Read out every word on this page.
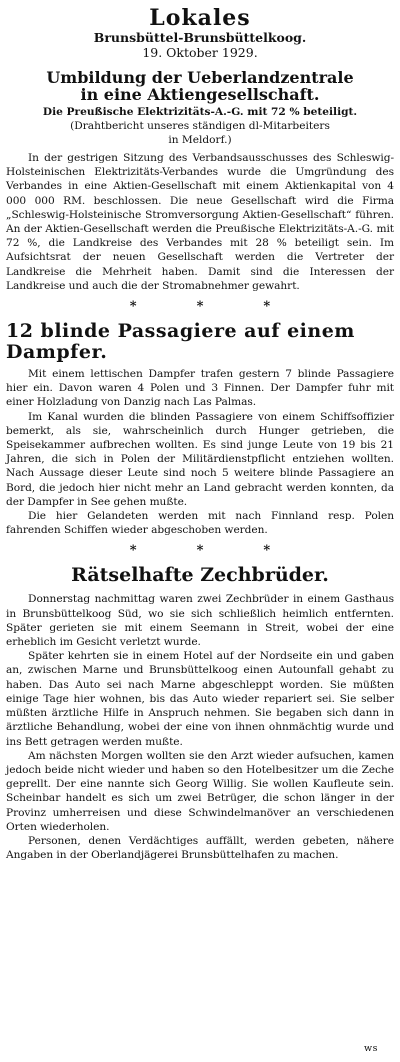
Lokales
Brunsbüttel-Brunsbüttelkoog.
19. Oktober 1929.
Umbildung der Ueberlandzentrale
in eine Aktiengesellschaft.
Die Preußische Elektrizitäts-A.-G. mit 72 % beteiligt.
(Drahtbericht unseres ständigen dl-Mitarbeiters
in Meldorf.)

In der gestrigen Sitzung des Verbandsausschusses des Schleswig-Holsteinischen Elektrizitäts-Verbandes wurde die Umgründung des Verbandes in eine Aktien-Gesellschaft mit einem Aktienkapital von 4 000 000 RM. beschlossen. Die neue Gesellschaft wird die Firma „Schleswig-Holsteinische Stromversorgung Aktien-Gesellschaft“ führen. An der Aktien-Gesellschaft werden die Preußische Elektrizitäts-A.-G. mit 72 %, die Landkreise des Verbandes mit 28 % beteiligt sein. Im Aufsichtsrat der neuen Gesellschaft werden die Vertreter der Landkreise die Mehrheit haben. Damit sind die Interessen der Landkreise und auch die der Stromabnehmer gewahrt.

*	*	*
12 blinde Passagiere auf einem Dampfer.

Mit einem lettischen Dampfer trafen gestern 7 blinde Passagiere hier ein. Davon waren 4 Polen und 3 Finnen. Der Dampfer fuhr mit einer Holzladung von Danzig nach Las Palmas.

Im Kanal wurden die blinden Passagiere von einem Schiffsoffizier bemerkt, als sie, wahrscheinlich durch Hunger getrieben, die Speisekammer aufbrechen wollten. Es sind junge Leute von 19 bis 21 Jahren, die sich in Polen der Militärdienstpflicht entziehen wollten. Nach Aussage dieser Leute sind noch 5 weitere blinde Passagiere an Bord, die jedoch hier nicht mehr an Land gebracht werden konnten, da der Dampfer in See gehen mußte.

Die hier Gelandeten werden mit nach Finnland resp. Polen fahrenden Schiffen wieder abgeschoben werden.

*	*	*
Rätselhafte Zechbrüder.

Donnerstag nachmittag waren zwei Zechbrüder in einem Gasthaus in Brunsbüttelkoog Süd, wo sie sich schließlich heimlich entfernten. Später gerieten sie mit einem Seemann in Streit, wobei der eine erheblich im Gesicht verletzt wurde.

Später kehrten sie in einem Hotel auf der Nordseite ein und gaben an, zwischen Marne und Brunsbüttelkoog einen Autounfall gehabt zu haben. Das Auto sei nach Marne abgeschleppt worden. Sie müßten einige Tage hier wohnen, bis das Auto wieder repariert sei. Sie selber müßten ärztliche Hilfe in Anspruch nehmen. Sie begaben sich dann in ärztliche Behandlung, wobei der eine von ihnen ohnmächtig wurde und ins Bett getragen werden mußte.

Am nächsten Morgen wollten sie den Arzt wieder aufsuchen, kamen jedoch beide nicht wieder und haben so den Hotelbesitzer um die Zeche geprellt. Der eine nannte sich Georg Willig. Sie wollen Kaufleute sein. Scheinbar handelt es sich um zwei Betrüger, die schon länger in der Provinz umherreisen und diese Schwindelmanöver an verschiedenen Orten wiederholen.

Personen, denen Verdächtiges auffällt, werden gebeten, nähere Angaben in der Oberlandjägerei Brunsbüttelhafen zu machen.

ws
